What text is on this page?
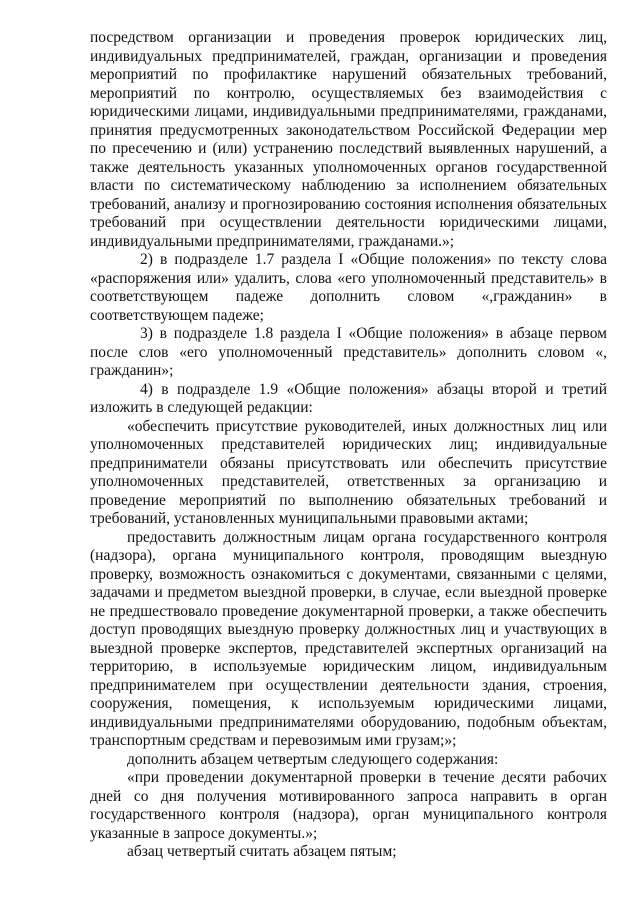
посредством организации и проведения проверок юридических лиц, индивидуальных предпринимателей, граждан, организации и проведения мероприятий по профилактике нарушений обязательных требований, мероприятий по контролю, осуществляемых без взаимодействия с юридическими лицами, индивидуальными предпринимателями, гражданами, принятия предусмотренных законодательством Российской Федерации мер по пресечению и (или) устранению последствий выявленных нарушений, а также деятельность указанных уполномоченных органов государственной власти по систематическому наблюдению за исполнением обязательных требований, анализу и прогнозированию состояния исполнения обязательных требований при осуществлении деятельности юридическими лицами, индивидуальными предпринимателями, гражданами.»;

2) в подразделе 1.7 раздела I «Общие положения» по тексту слова «распоряжения или» удалить, слова «его уполномоченный представитель» в соответствующем падеже дополнить словом «,гражданин» в соответствующем падеже;

3) в подразделе 1.8 раздела I «Общие положения» в абзаце первом после слов «его уполномоченный представитель» дополнить словом «, гражданин»;

4) в подразделе 1.9 «Общие положения» абзацы второй и третий изложить в следующей редакции:

«обеспечить присутствие руководителей, иных должностных лиц или уполномоченных представителей юридических лиц; индивидуальные предприниматели обязаны присутствовать или обеспечить присутствие уполномоченных представителей, ответственных за организацию и проведение мероприятий по выполнению обязательных требований и требований, установленных муниципальными правовыми актами;

предоставить должностным лицам органа государственного контроля (надзора), органа муниципального контроля, проводящим выездную проверку, возможность ознакомиться с документами, связанными с целями, задачами и предметом выездной проверки, в случае, если выездной проверке не предшествовало проведение документарной проверки, а также обеспечить доступ проводящих выездную проверку должностных лиц и участвующих в выездной проверке экспертов, представителей экспертных организаций на территорию, в используемые юридическим лицом, индивидуальным предпринимателем при осуществлении деятельности здания, строения, сооружения, помещения, к используемым юридическими лицами, индивидуальными предпринимателями оборудованию, подобным объектам, транспортным средствам и перевозимым ими грузам;»;

дополнить абзацем четвертым следующего содержания:

«при проведении документарной проверки в течение десяти рабочих дней со дня получения мотивированного запроса направить в орган государственного контроля (надзора), орган муниципального контроля указанные в запросе документы.»;

абзац четвертый считать абзацем пятым;
